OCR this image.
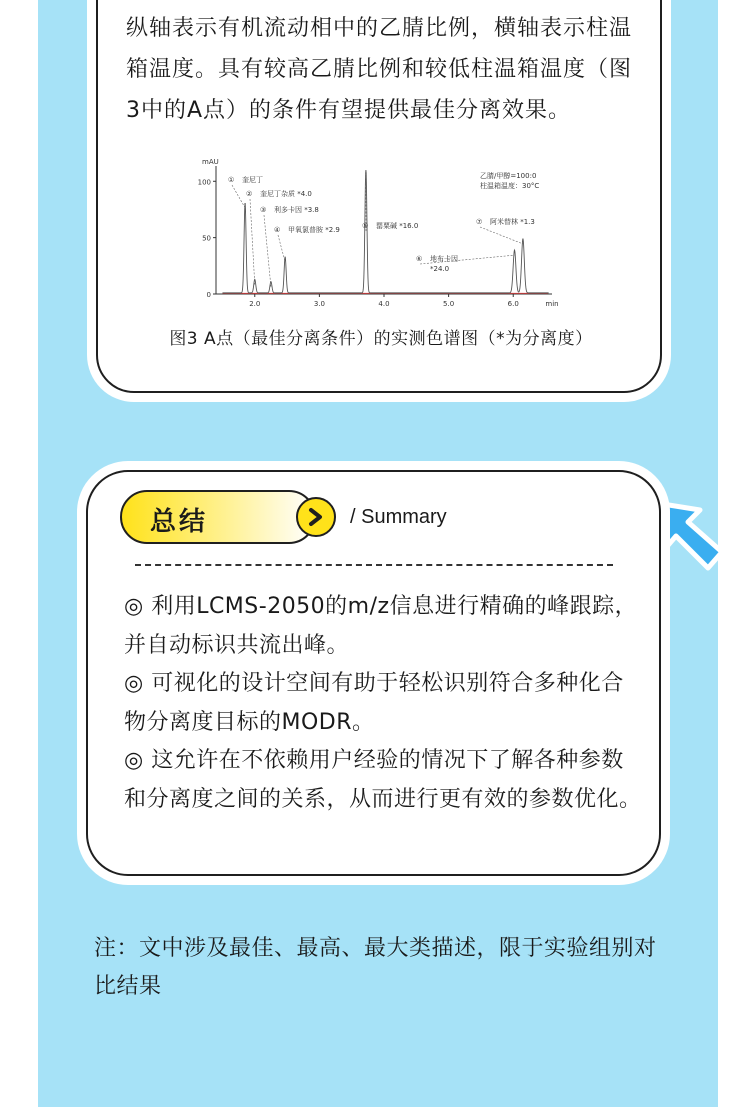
纵轴表示有机流动相中的乙腈比例，横轴表示柱温箱温度。具有较高乙腈比例和较低柱温箱温度（图3中的A点）的条件有望提供最佳分离效果。

0
50
100
mAU
2.0	3.0	4.0	5.0	6.0	min
① 奎尼丁
② 奎尼丁杂质 *4.0
③ 利多卡因 *3.8
④ 甲氧氯普胺 *2.9	⑤ 罂粟碱 *16.0
⑥ 地布卡因
*24.0
⑦ 阿米替林 *1.3
乙腈/甲醇=100:0
柱温箱温度：30°C
图3 A点（最佳分离条件）的实测色谱图（*为分离度）
总结	/ Summary
◎ 利用LCMS-2050的m/z信息进行精确的峰跟踪，并自动标识共流出峰。
◎ 可视化的设计空间有助于轻松识别符合多种化合物分离度目标的MODR。
◎ 这允许在不依赖用户经验的情况下了解各种参数和分离度之间的关系，从而进行更有效的参数优化。

注：文中涉及最佳、最高、最大类描述，限于实验组别对比结果
